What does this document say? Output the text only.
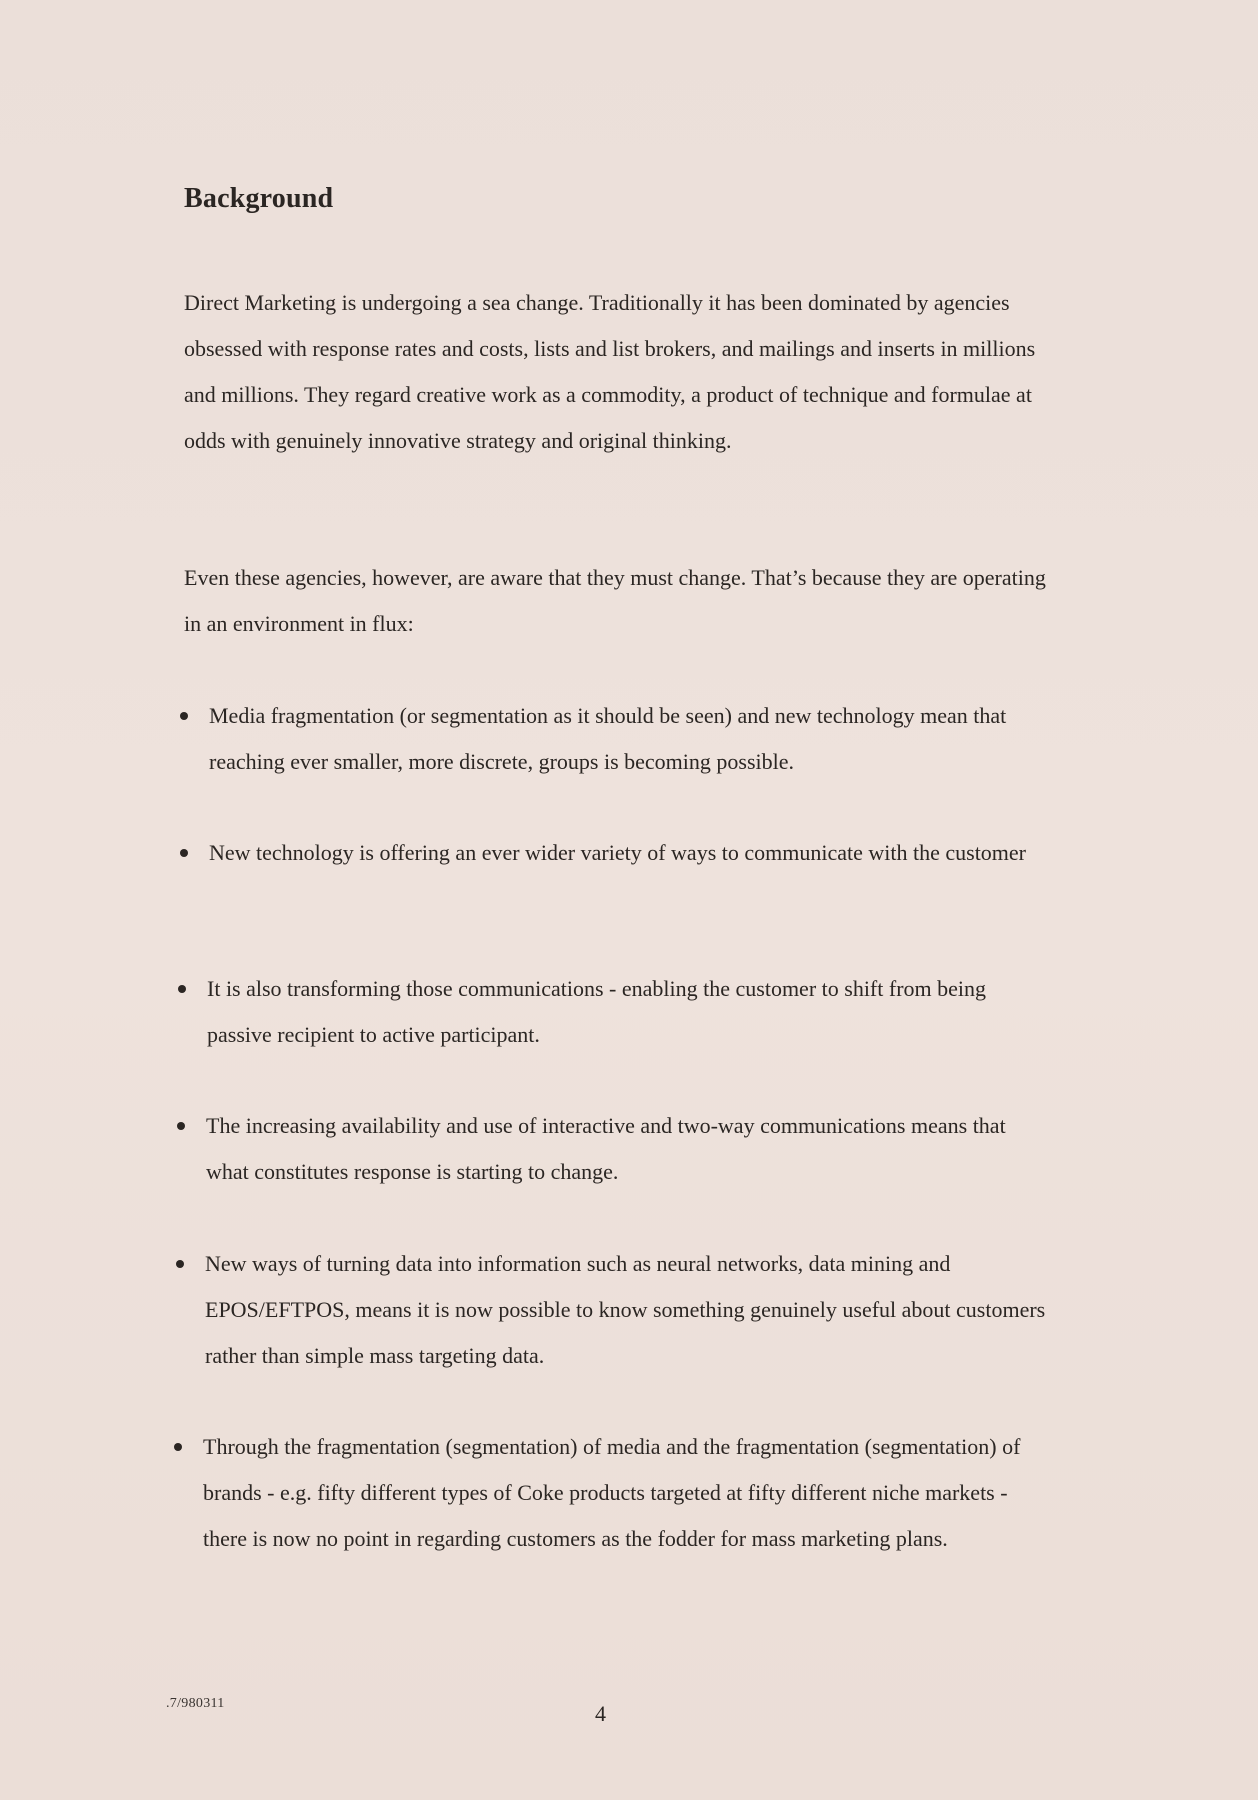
Background

Direct Marketing is undergoing a sea change. Traditionally it has been dominated by agencies obsessed with response rates and costs, lists and list brokers, and mailings and inserts in millions and millions. They regard creative work as a commodity, a product of technique and formulae at odds with genuinely innovative strategy and original thinking.

Even these agencies, however, are aware that they must change. That’s because they are operating in an environment in flux:

Media fragmentation (or segmentation as it should be seen) and new technology mean that reaching ever smaller, more discrete, groups is becoming possible.
New technology is offering an ever wider variety of ways to communicate with the customer
It is also transforming those communications - enabling the customer to shift from being passive recipient to active participant.
The increasing availability and use of interactive and two-way communications means that what constitutes response is starting to change.
New ways of turning data into information such as neural networks, data mining and EPOS/EFTPOS, means it is now possible to know something genuinely useful about customers rather than simple mass targeting data.
Through the fragmentation (segmentation) of media and the fragmentation (segmentation) of brands - e.g. fifty different types of Coke products targeted at fifty different niche markets - there is now no point in regarding customers as the fodder for mass marketing plans.
.7/980311	4
